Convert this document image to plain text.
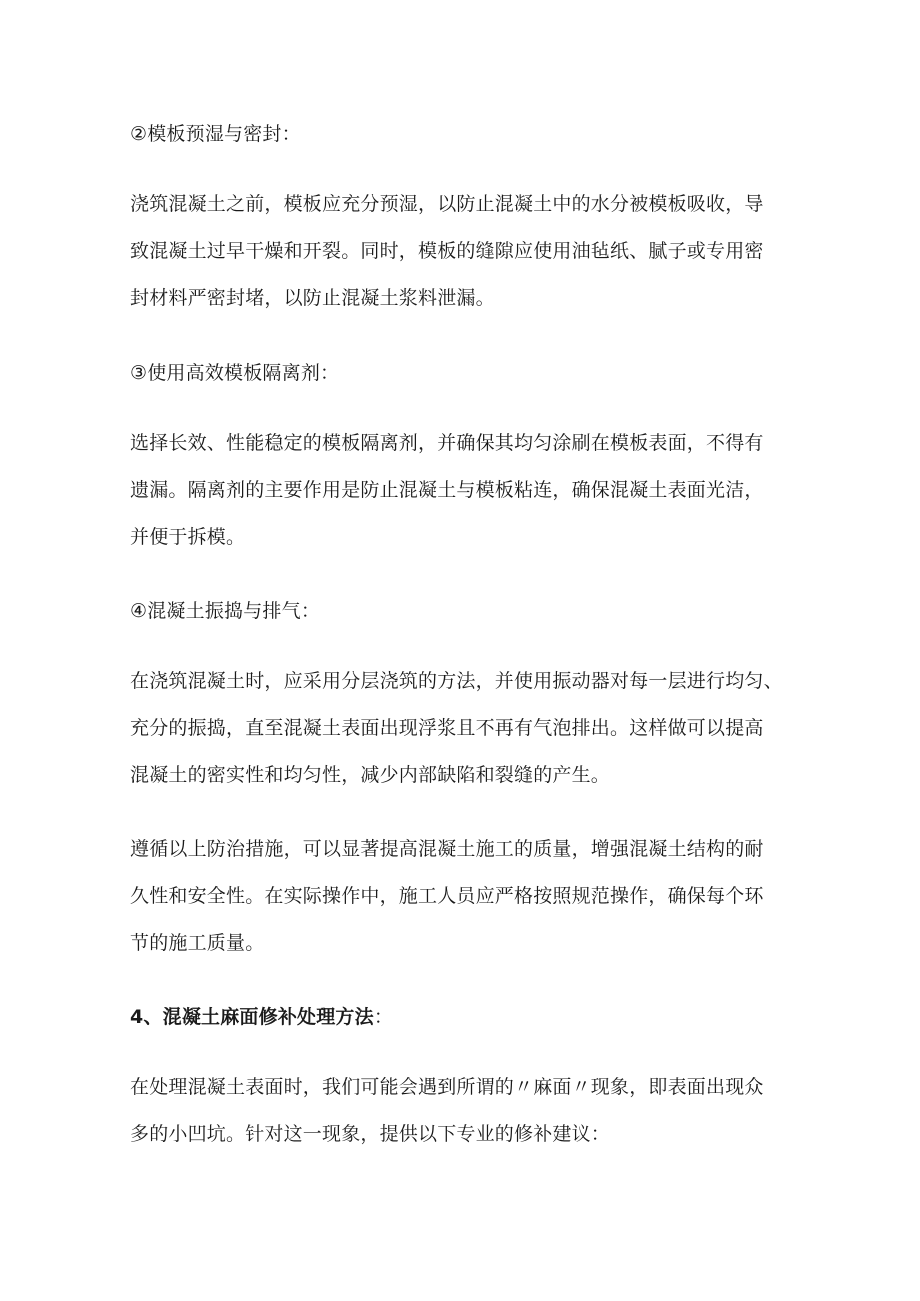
②模板预湿与密封：

浇筑混凝土之前，模板应充分预湿，以防止混凝土中的水分被模板吸收，导
致混凝土过早干燥和开裂。同时，模板的缝隙应使用油毡纸、腻子或专用密
封材料严密封堵，以防止混凝土浆料泄漏。

③使用高效模板隔离剂：

选择长效、性能稳定的模板隔离剂，并确保其均匀涂刷在模板表面，不得有
遗漏。隔离剂的主要作用是防止混凝土与模板粘连，确保混凝土表面光洁，
并便于拆模。

④混凝土振捣与排气：

在浇筑混凝土时，应采用分层浇筑的方法，并使用振动器对每一层进行均匀、
充分的振捣，直至混凝土表面出现浮浆且不再有气泡排出。这样做可以提高
混凝土的密实性和均匀性，减少内部缺陷和裂缝的产生。

遵循以上防治措施，可以显著提高混凝土施工的质量，增强混凝土结构的耐
久性和安全性。在实际操作中，施工人员应严格按照规范操作，确保每个环
节的施工质量。

4、混凝土麻面修补处理方法：

在处理混凝土表面时，我们可能会遇到所谓的〃麻面〃现象，即表面出现众
多的小凹坑。针对这一现象，提供以下专业的修补建议：
